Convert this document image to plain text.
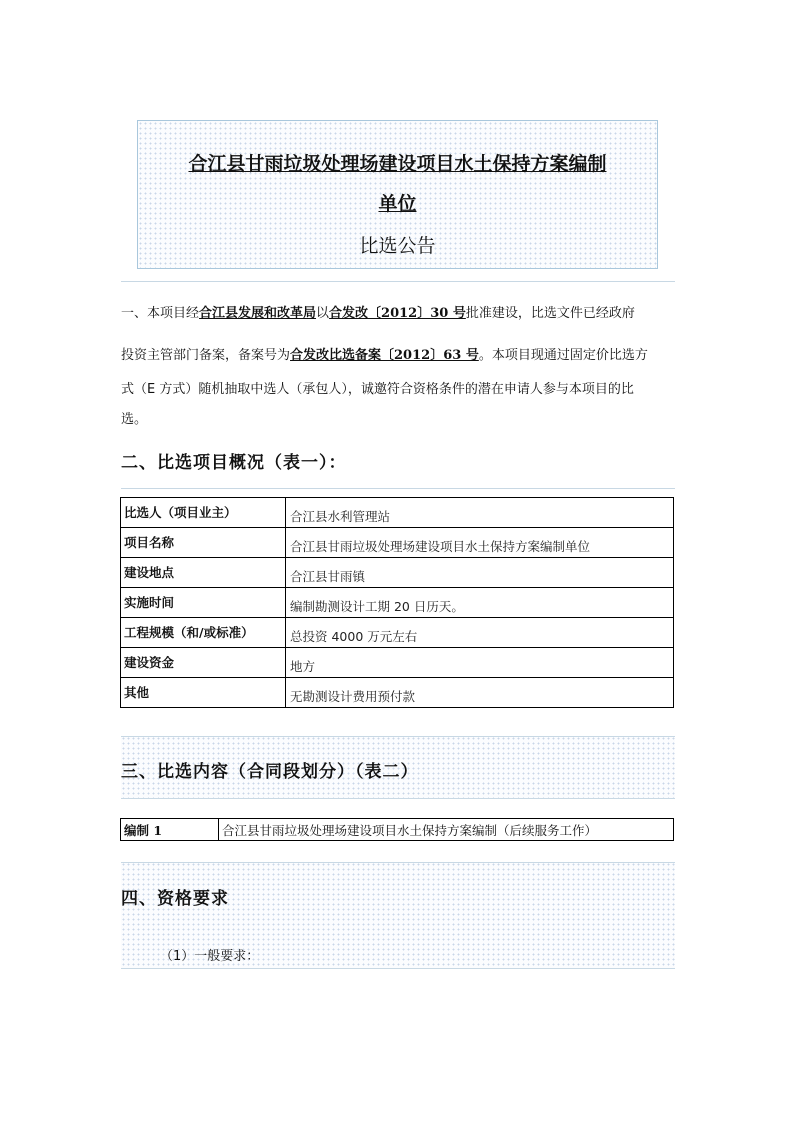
合江县甘雨垃圾处理场建设项目水土保持方案编制
单位
比选公告
一、本项目经合江县发展和改革局以合发改〔2012〕30 号批准建设，比选文件已经政府
投资主管部门备案，备案号为合发改比选备案〔2012〕63 号。本项目现通过固定价比选方
式（E 方式）随机抽取中选人（承包人），诚邀符合资格条件的潜在申请人参与本项目的比
选。
二、比选项目概况（表一）：
比选人（项目业主）	合江县水利管理站
项目名称	合江县甘雨垃圾处理场建设项目水土保持方案编制单位
建设地点	合江县甘雨镇
实施时间	编制勘测设计工期 20 日历天。
工程规模（和/或标准）	总投资 4000 万元左右
建设资金	地方
其他	无勘测设计费用预付款
三、比选内容（合同段划分）（表二）
编制 1	合江县甘雨垃圾处理场建设项目水土保持方案编制（后续服务工作）
四、资格要求
（1）一般要求：
